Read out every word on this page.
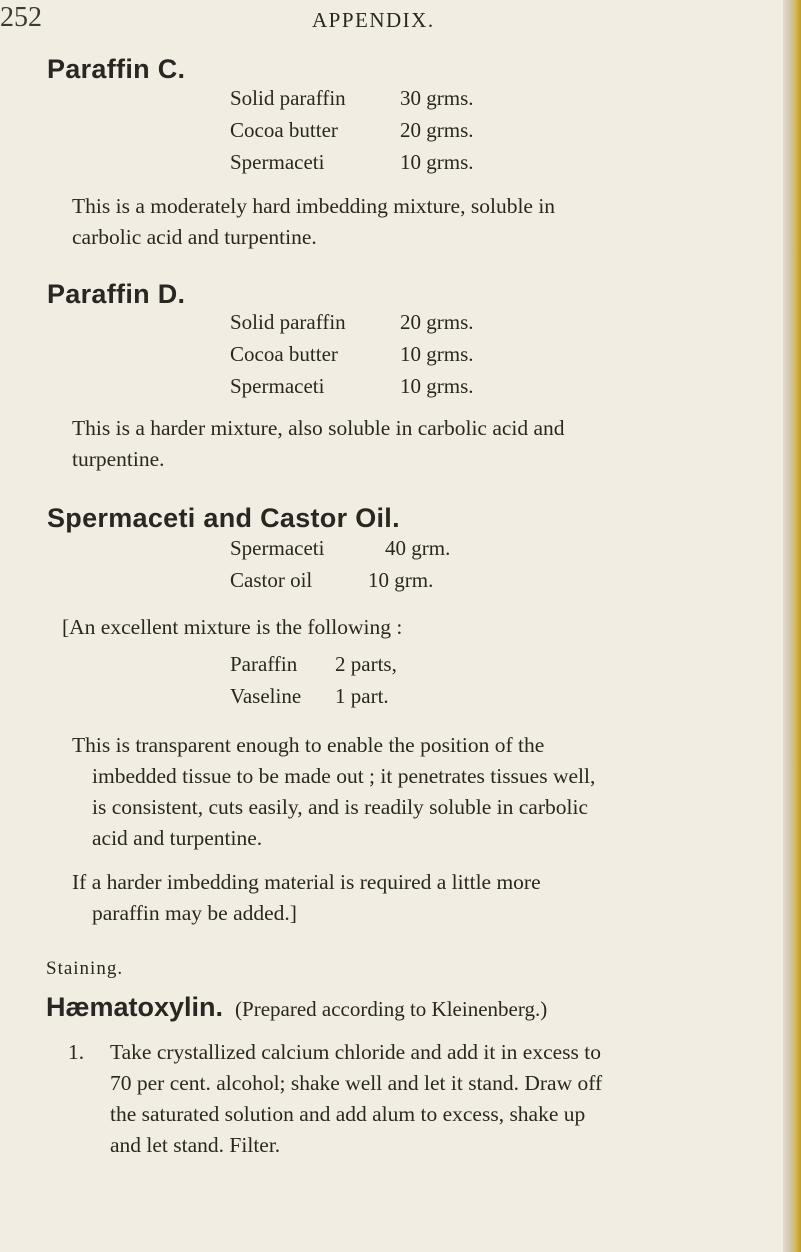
252	APPENDIX.
Paraffin C.
Solid paraffin	30 grms.
Cocoa butter	20 grms.
Spermaceti	10 grms.
This is a moderately hard imbedding mixture, soluble in
carbolic acid and turpentine.
Paraffin D.
Solid paraffin	20 grms.
Cocoa butter	10 grms.
Spermaceti	10 grms.
This is a harder mixture, also soluble in carbolic acid and
turpentine.
Spermaceti and Castor Oil.
Spermaceti	40 grm.
Castor oil	10 grm.
[An excellent mixture is the following :
Paraffin 2 parts,
Vaseline 1 part.
This is transparent enough to enable the position of the
imbedded tissue to be made out ; it penetrates tissues well,
is consistent, cuts easily, and is readily soluble in carbolic
acid and turpentine.
If a harder imbedding material is required a little more
paraffin may be added.]
Staining.
Hæmatoxylin. (Prepared according to Kleinenberg.)
1. Take crystallized calcium chloride and add it in excess to
70 per cent. alcohol; shake well and let it stand. Draw off
the saturated solution and add alum to excess, shake up
and let stand. Filter.
